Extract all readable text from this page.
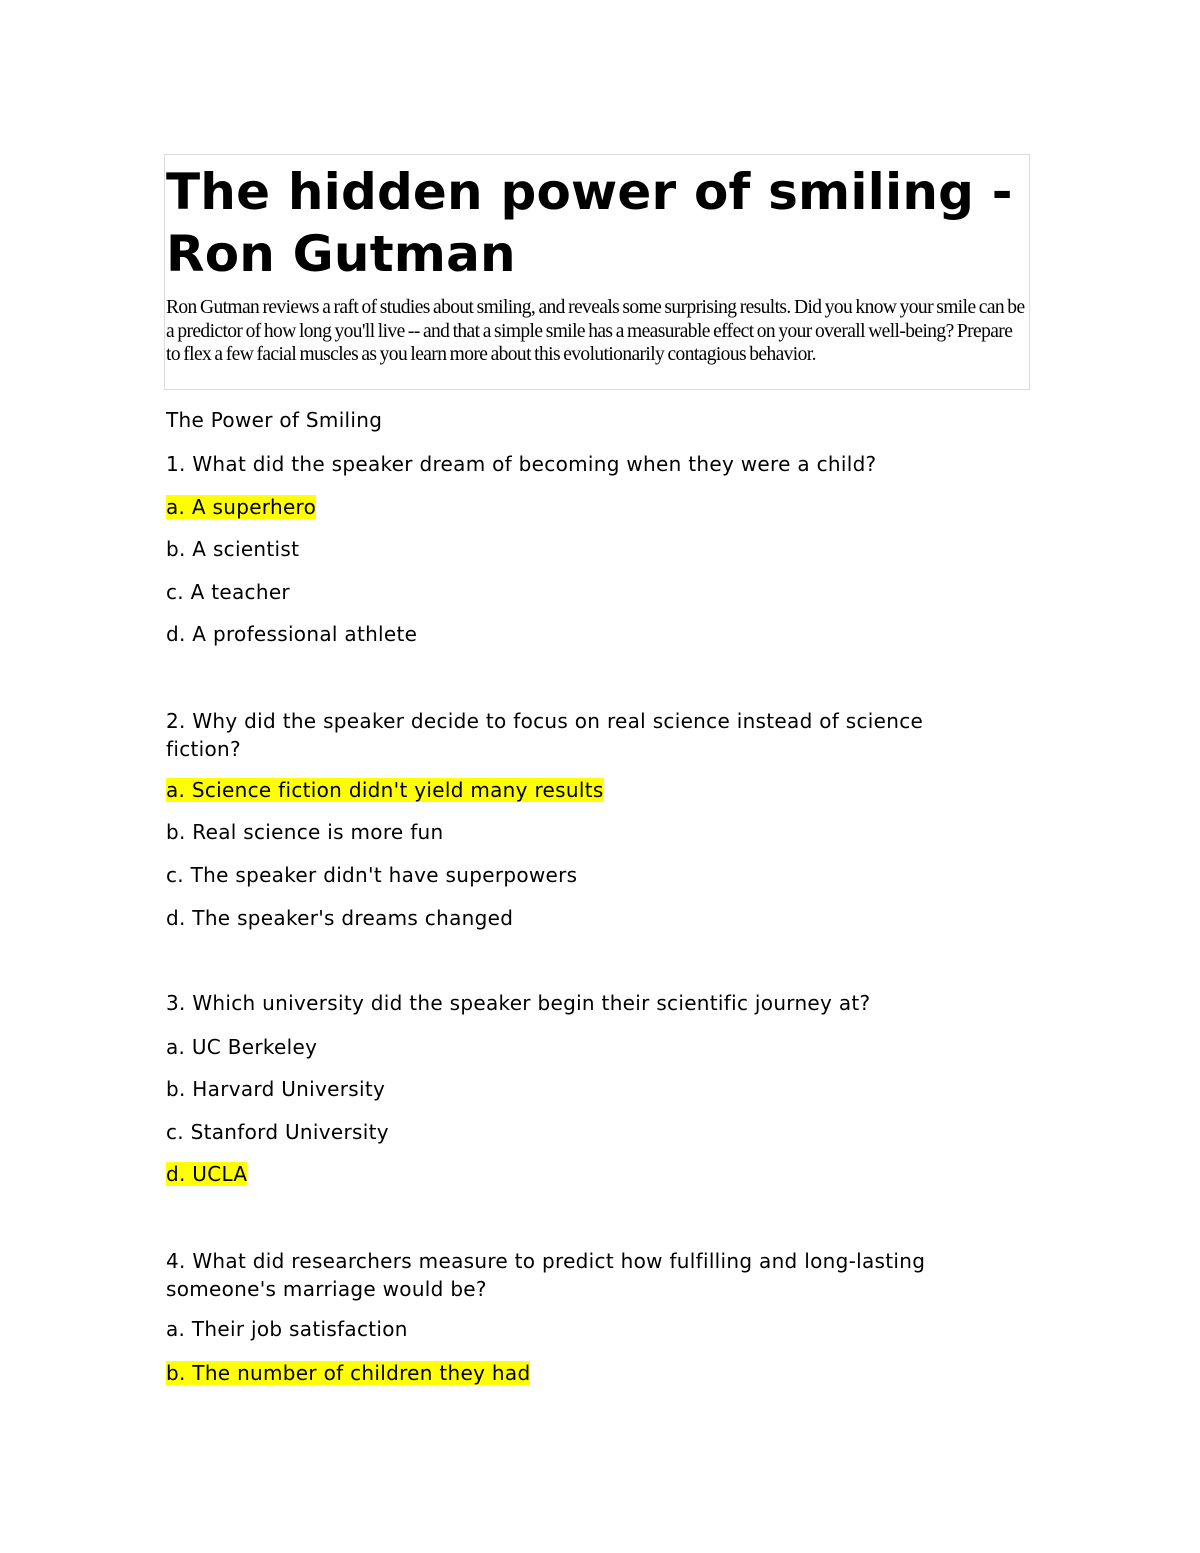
The hidden power of smiling - Ron Gutman

Ron Gutman reviews a raft of studies about smiling, and reveals some surprising results. Did you know your smile can be a predictor of how long you'll live -- and that a simple smile has a measurable effect on your overall well-being? Prepare to flex a few facial muscles as you learn more about this evolutionarily contagious behavior.

The Power of Smiling
1. What did the speaker dream of becoming when they were a child?
a. A superhero
b. A scientist
c. A teacher
d. A professional athlete
2. Why did the speaker decide to focus on real science instead of science fiction?
a. Science fiction didn't yield many results
b. Real science is more fun
c. The speaker didn't have superpowers
d. The speaker's dreams changed
3. Which university did the speaker begin their scientific journey at?
a. UC Berkeley
b. Harvard University
c. Stanford University
d. UCLA
4. What did researchers measure to predict how fulfilling and long-lasting someone's marriage would be?
a. Their job satisfaction
b. The number of children they had
